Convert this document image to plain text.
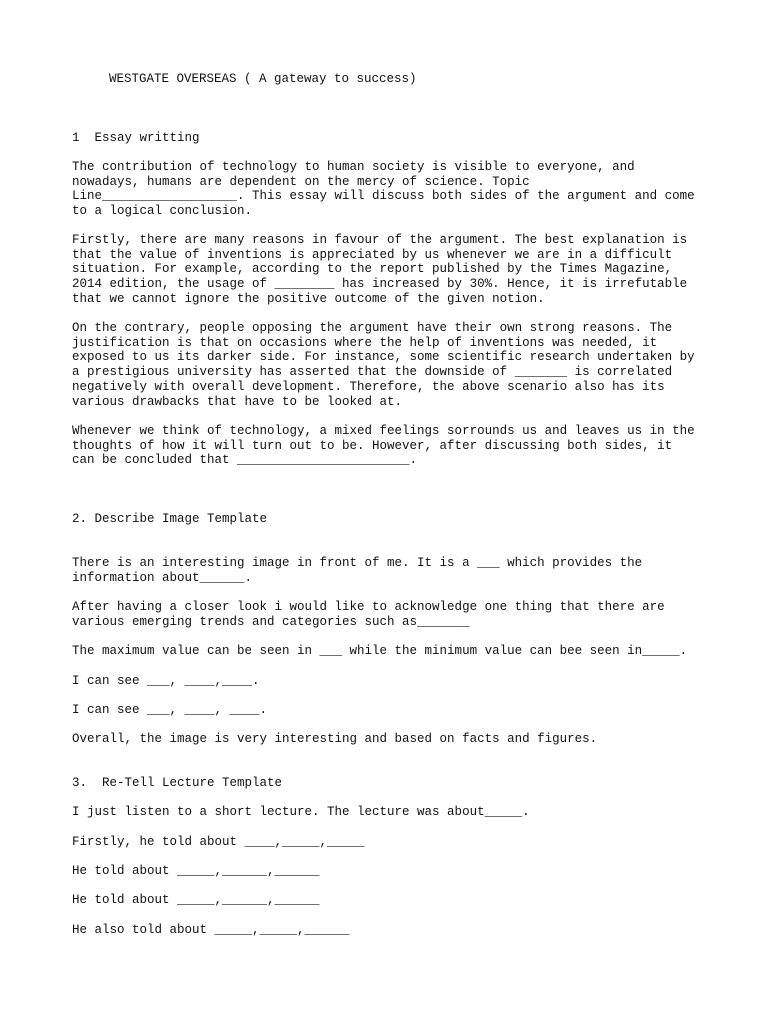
WESTGATE OVERSEAS ( A gateway to success)
1  Essay writting
The contribution of technology to human society is visible to everyone, and
nowadays, humans are dependent on the mercy of science. Topic
Line__________________. This essay will discuss both sides of the argument and come
to a logical conclusion.
Firstly, there are many reasons in favour of the argument. The best explanation is
that the value of inventions is appreciated by us whenever we are in a difficult
situation. For example, according to the report published by the Times Magazine,
2014 edition, the usage of ________ has increased by 30%. Hence, it is irrefutable
that we cannot ignore the positive outcome of the given notion.
On the contrary, people opposing the argument have their own strong reasons. The
justification is that on occasions where the help of inventions was needed, it
exposed to us its darker side. For instance, some scientific research undertaken by
a prestigious university has asserted that the downside of _______ is correlated
negatively with overall development. Therefore, the above scenario also has its
various drawbacks that have to be looked at.
Whenever we think of technology, a mixed feelings sorrounds us and leaves us in the
thoughts of how it will turn out to be. However, after discussing both sides, it
can be concluded that _______________________.
2. Describe Image Template
There is an interesting image in front of me. It is a ___ which provides the
information about______.
After having a closer look i would like to acknowledge one thing that there are
various emerging trends and categories such as_______
The maximum value can be seen in ___ while the minimum value can bee seen in_____.
I can see ___, ____,____.
I can see ___, ____, ____.
Overall, the image is very interesting and based on facts and figures.
3.  Re-Tell Lecture Template
I just listen to a short lecture. The lecture was about_____.
Firstly, he told about ____,_____,_____
He told about _____,______,______
He told about _____,______,______
He also told about _____,_____,______
